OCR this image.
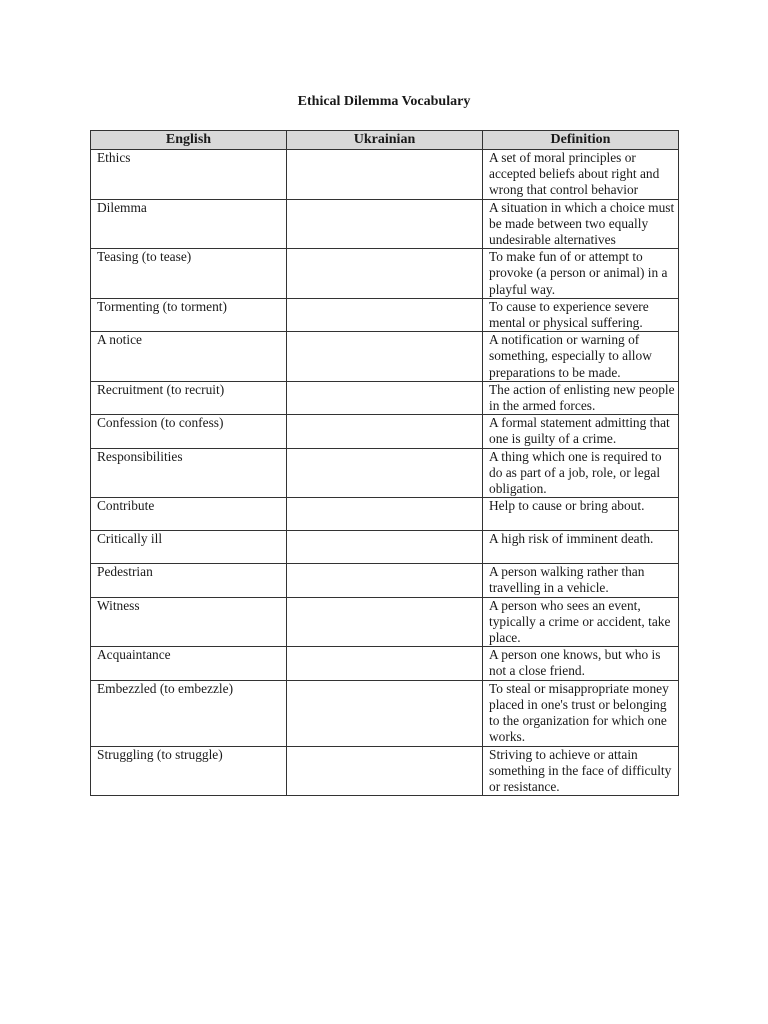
Ethical Dilemma Vocabulary
English	Ukrainian	Definition
Ethics		A set of moral principles or accepted beliefs about right and wrong that control behavior
Dilemma		A situation in which a choice must be made between two equally undesirable alternatives
Teasing (to tease)		To make fun of or attempt to provoke (a person or animal) in a playful way.
Tormenting (to torment)		To cause to experience severe mental or physical suffering.
A notice		A notification or warning of something, especially to allow preparations to be made.
Recruitment (to recruit)		The action of enlisting new people in the armed forces.
Confession (to confess)		A formal statement admitting that one is guilty of a crime.
Responsibilities		A thing which one is required to do as part of a job, role, or legal obligation.
Contribute		Help to cause or bring about.
Critically ill		A high risk of imminent death.
Pedestrian		A person walking rather than travelling in a vehicle.
Witness		A person who sees an event, typically a crime or accident, take place.
Acquaintance		A person one knows, but who is not a close friend.
Embezzled (to embezzle)		To steal or misappropriate money placed in one's trust or belonging to the organization for which one works.
Struggling (to struggle)		Striving to achieve or attain something in the face of difficulty or resistance.
